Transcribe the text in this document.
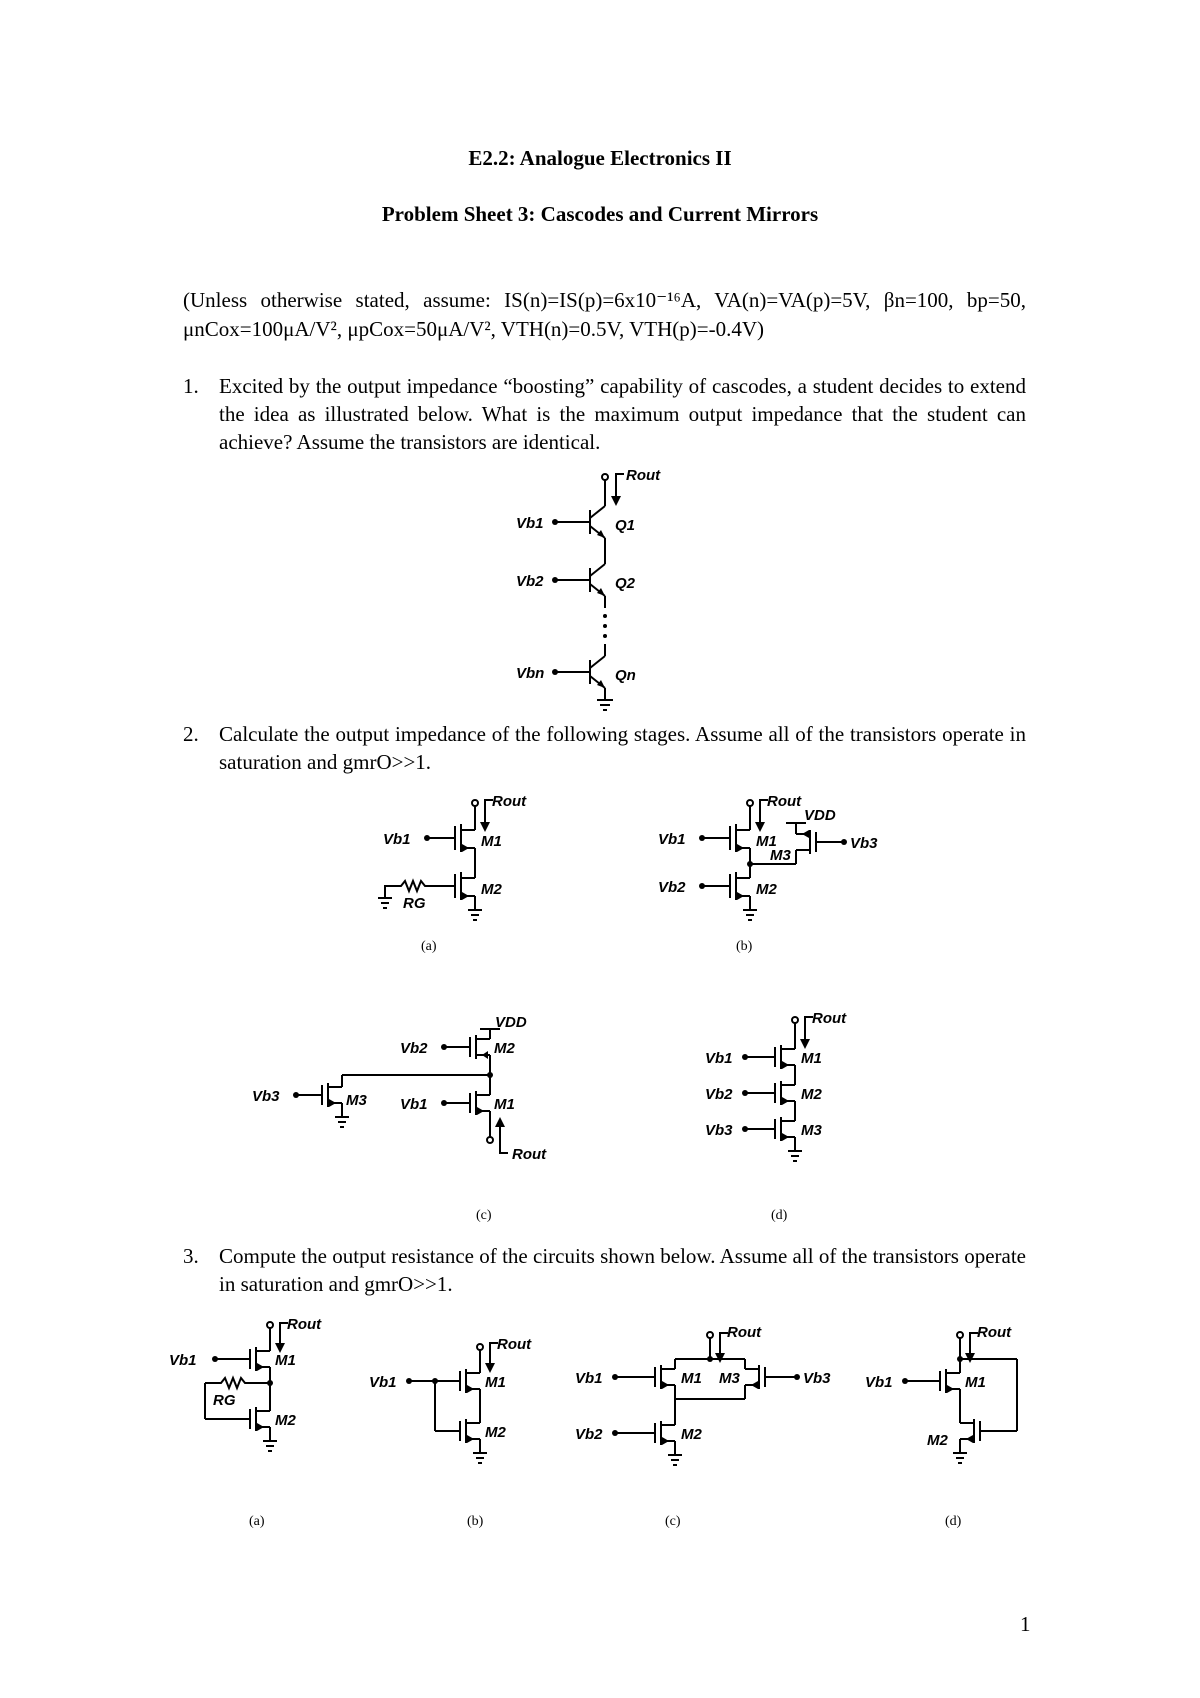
E2.2: Analogue Electronics II
Problem Sheet 3: Cascodes and Current Mirrors
(Unless otherwise stated, assume: IS(n)=IS(p)=6x10⁻¹⁶A, VA(n)=VA(p)=5V, βn=100, bp=50, μnCox=100μA/V², μpCox=50μA/V², VTH(n)=0.5V, VTH(p)=-0.4V)
1. Excited by the output impedance “boosting” capability of cascodes, a student decides to extend the idea as illustrated below. What is the maximum output impedance that the student can achieve? Assume the transistors are identical.
Rout
Vb1	Q1
Vb2	Q2
Vbn	Qn
2. Calculate the output impedance of the following stages. Assume all of the transistors operate in saturation and gmrO>>1.
Rout
Vb1	M1
M2
RG
(a)
Rout
Vb1	M1
VDD
M3
Vb3
Vb2	M2
(b)
VDD
Vb2	M2
Vb1	M1
Vb3	M3
Rout
(c)
Rout
Vb1	M1
Vb2	M2
Vb3	M3
(d)
3. Compute the output resistance of the circuits shown below. Assume all of the transistors operate in saturation and gmrO>>1.
Rout
Vb1	M1
RG
M2
(a)
Rout
Vb1	M1
M2
(b)
Rout
Vb1	M1 M3	Vb3
Vb2	M2
(c)
Rout
Vb1	M1
M2
(d)
1
